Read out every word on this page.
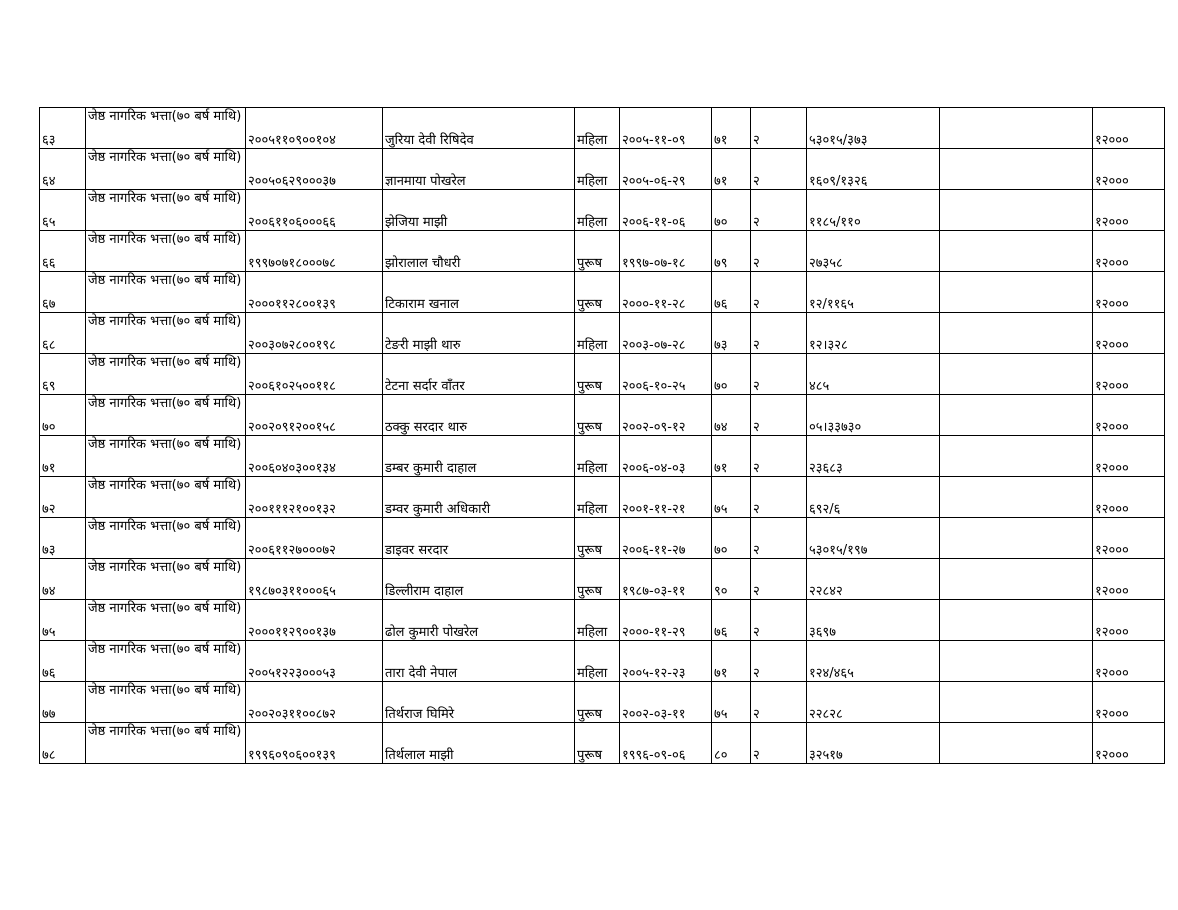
६३	जेष्ठ नागरिक भत्ता(७० बर्ष माथि)	२००५११०९००१०४	जुरिया देवी रिषिदेव	महिला	२००५-११-०९	७१	२	५३०१५/३७३		१२०००
६४	जेष्ठ नागरिक भत्ता(७० बर्ष माथि)	२००५०६२९०००३७	ज्ञानमाया पोखरेल	महिला	२००५-०६-२९	७१	२	१६०९/१३२६		१२०००
६५	जेष्ठ नागरिक भत्ता(७० बर्ष माथि)	२००६११०६०००६६	झेजिया माझी	महिला	२००६-११-०६	७०	२	११८५/११०		१२०००
६६	जेष्ठ नागरिक भत्ता(७० बर्ष माथि)	१९९७०७१८०००७८	झोरालाल चौधरी	पुरूष	१९९७-०७-१८	७९	२	२७३५८		१२०००
६७	जेष्ठ नागरिक भत्ता(७० बर्ष माथि)	२०००११२८००१३९	टिकाराम खनाल	पुरूष	२०००-११-२८	७६	२	१२/११६५		१२०००
६८	जेष्ठ नागरिक भत्ता(७० बर्ष माथि)	२००३०७२८००१९८	टेङरी माझी थारु	महिला	२००३-०७-२८	७३	२	१२।३२८		१२०००
६९	जेष्ठ नागरिक भत्ता(७० बर्ष माथि)	२००६१०२५००११८	टेटना सर्दार वाँतर	पुरूष	२००६-१०-२५	७०	२	४८५		१२०००
७०	जेष्ठ नागरिक भत्ता(७० बर्ष माथि)	२००२०९१२००१५८	ठक्कु सरदार थारु	पुरूष	२००२-०९-१२	७४	२	०५।३३७३०		१२०००
७१	जेष्ठ नागरिक भत्ता(७० बर्ष माथि)	२००६०४०३००१३४	डम्बर कुमारी दाहाल	महिला	२००६-०४-०३	७१	२	२३६८३		१२०००
७२	जेष्ठ नागरिक भत्ता(७० बर्ष माथि)	२००१११२१००१३२	डम्वर कुमारी अधिकारी	महिला	२००१-११-२१	७५	२	६९२/६		१२०००
७३	जेष्ठ नागरिक भत्ता(७० बर्ष माथि)	२००६११२७०००७२	डाइवर सरदार	पुरूष	२००६-११-२७	७०	२	५३०१५/१९७		१२०००
७४	जेष्ठ नागरिक भत्ता(७० बर्ष माथि)	१९८७०३११०००६५	डिल्लीराम दाहाल	पुरूष	१९८७-०३-११	९०	२	२२८४२		१२०००
७५	जेष्ठ नागरिक भत्ता(७० बर्ष माथि)	२०००११२९००१३७	ढोल कुमारी पोखरेल	महिला	२०००-११-२९	७६	२	३६९७		१२०००
७६	जेष्ठ नागरिक भत्ता(७० बर्ष माथि)	२००५१२२३०००५३	तारा देवी नेपाल	महिला	२००५-१२-२३	७१	२	१२४/४६५		१२०००
७७	जेष्ठ नागरिक भत्ता(७० बर्ष माथि)	२००२०३११००८७२	तिर्थराज घिमिरे	पुरूष	२००२-०३-११	७५	२	२२८२८		१२०००
७८	जेष्ठ नागरिक भत्ता(७० बर्ष माथि)	१९९६०९०६००१३९	तिर्थलाल माझी	पुरूष	१९९६-०९-०६	८०	२	३२५१७		१२०००
